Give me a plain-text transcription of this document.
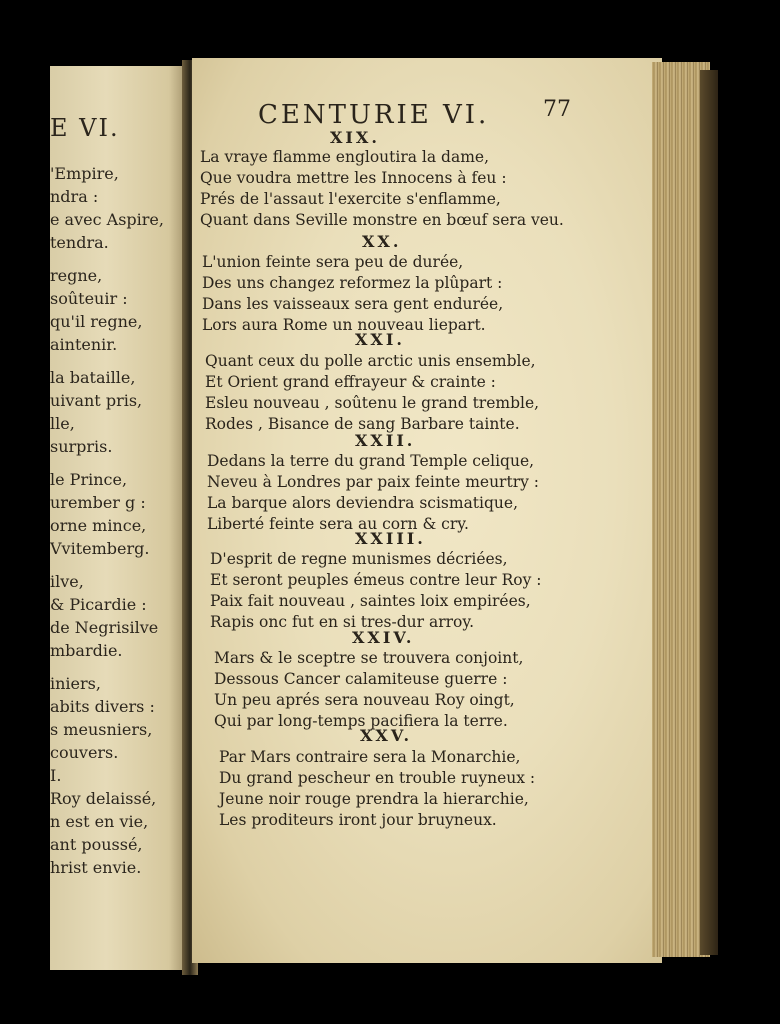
E VI.
'Empire,
ndra :
e avec Aspire,
tendra.
regne,
soûteuir :
qu'il regne,
aintenir.
la bataille,
uivant pris,
lle,
surpris.
le Prince,
urember g :
orne mince,
Vvitemberg.
ilve,
& Picardie :
de Negrisilve
mbardie.
iniers,
abits divers :
s meusniers,
couvers.
I.
Roy delaissé,
n est en vie,
ant poussé,
hrist envie.
CENTURIE VI. 77
XIX.
La vraye flamme engloutira la dame,
Que voudra mettre les Innocens à feu :
Prés de l'assaut l'exercite s'enflamme,
Quant dans Seville monstre en bœuf sera veu.
XX.
L'union feinte sera peu de durée,
Des uns changez reformez la plûpart :
Dans les vaisseaux sera gent endurée,
Lors aura Rome un nouveau liepart.
XXI.
Quant ceux du polle arctic unis ensemble,
Et Orient grand effrayeur & crainte :
Esleu nouveau , soûtenu le grand tremble,
Rodes , Bisance de sang Barbare tainte.
XXII.
Dedans la terre du grand Temple celique,
Neveu à Londres par paix feinte meurtry :
La barque alors deviendra scismatique,
Liberté feinte sera au corn & cry.
XXIII.
D'esprit de regne munismes décriées,
Et seront peuples émeus contre leur Roy :
Paix fait nouveau , saintes loix empirées,
Rapis onc fut en si tres-dur arroy.
XXIV.
Mars & le sceptre se trouvera conjoint,
Dessous Cancer calamiteuse guerre :
Un peu aprés sera nouveau Roy oingt,
Qui par long-temps pacifiera la terre.
XXV.
Par Mars contraire sera la Monarchie,
Du grand pescheur en trouble ruyneux :
Jeune noir rouge prendra la hierarchie,
Les proditeurs iront jour bruyneux.
